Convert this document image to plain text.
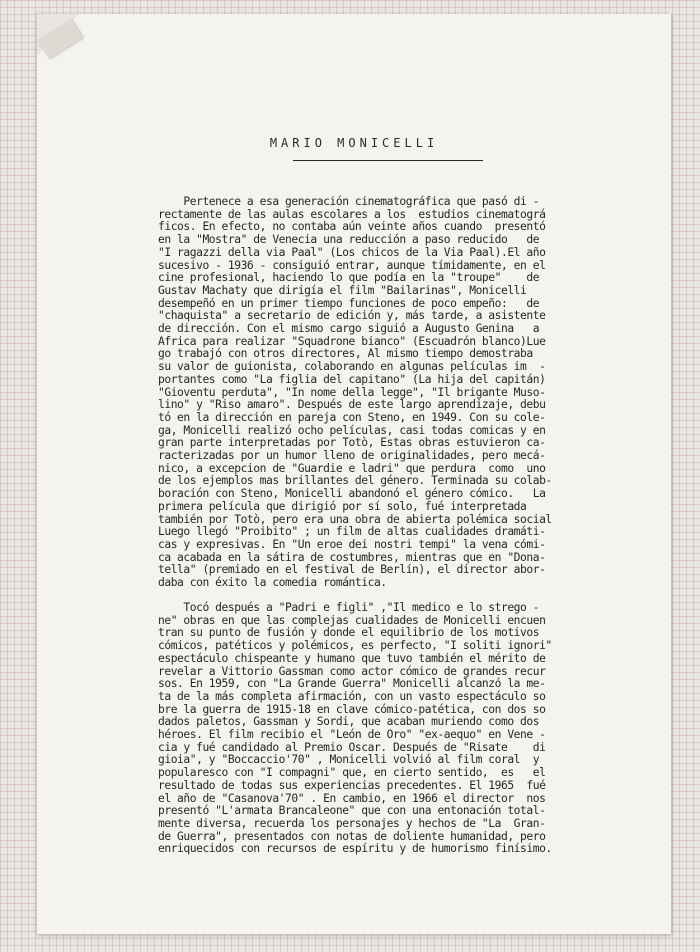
MARIO MONICELLI
Pertenece a esa generación cinematográfica que pasó di -
rectamente de las aulas escolares a los  estudios cinematográ
ficos. En efecto, no contaba aún veinte años cuando  presentó
en la "Mostra" de Venecia una reducción a paso reducido   de
"I ragazzi della via Paal" (Los chicos de la Via Paal).El año
sucesivo - 1936 - consiguió entrar, aunque tímidamente, en el
cine profesional, haciendo lo que podía en la "troupe"    de
Gustav Machaty que dirigía el film "Bailarinas", Monicelli
desempeñó en un primer tiempo funciones de poco empeño:   de
"chaquista" a secretario de edición y, más tarde, a asistente
de dirección. Con el mismo cargo siguió a Augusto Genina   a
Africa para realizar "Squadrone bianco" (Escuadrón blanco)Lue
go trabajó con otros directores, Al mismo tiempo demostraba
su valor de guionista, colaborando en algunas películas im  -
portantes como "La figlia del capitano" (La hija del capitán)
"Gioventu perduta", "In nome della legge", "Il brigante Muso-
lino" y "Riso amaro". Después de este largo aprendizaje, debu
tó en la dirección en pareja con Steno, en 1949. Con su cole-
ga, Monicelli realizó ocho películas, casi todas comicas y en
gran parte interpretadas por Totò, Estas obras estuvieron ca-
racterizadas por un humor lleno de originalidades, pero mecá-
nico, a excepcion de "Guardie e ladri" que perdura  como  uno
de los ejemplos mas brillantes del género. Terminada su colab-
boración con Steno, Monicelli abandonó el género cómico.   La
primera película que dirigió por sí solo, fué interpretada
también por Totò, pero era una obra de abierta polémica social
Luego llegó "Proibito" ; un film de altas cualidades dramáti-
cas y expresivas. En "Un eroe dei nostri tempi" la vena cómi-
ca acabada en la sátira de costumbres, mientras que en "Dona-
tella" (premiado en el festival de Berlín), el director abor-
daba con éxito la comedia romántica.
Tocó después a "Padri e figli" ,"Il medico e lo strego -
ne" obras en que las complejas cualidades de Monicelli encuen
tran su punto de fusión y donde el equilibrio de los motivos
cómicos, patéticos y polémicos, es perfecto, "I soliti ignori"
espectáculo chispeante y humano que tuvo también el mérito de
revelar a Vittorio Gassman como actor cómico de grandes recur
sos. En 1959, con "La Grande Guerra" Monicelli alcanzó la me-
ta de la más completa afirmación, con un vasto espectáculo so
bre la guerra de 1915-18 en clave cómico-patética, con dos so
dados paletos, Gassman y Sordi, que acaban muriendo como dos
héroes. El film recibio el "León de Oro" "ex-aequo" en Vene -
cia y fué candidado al Premio Oscar. Después de "Risate    di
gioia", y "Boccaccio'70" , Monicelli volvió al film coral  y
popularesco con "I compagni" que, en cierto sentido,  es   el
resultado de todas sus experiencias precedentes. El 1965  fué
el año de "Casanova'70" . En cambio, en 1966 el director  nos
presentó "L'armata Brancaleone" que con una entonación total-
mente diversa, recuerda los personajes y hechos de "La  Gran-
de Guerra", presentados con notas de doliente humanidad, pero
enriquecidos con recursos de espíritu y de humorismo finísimo.
